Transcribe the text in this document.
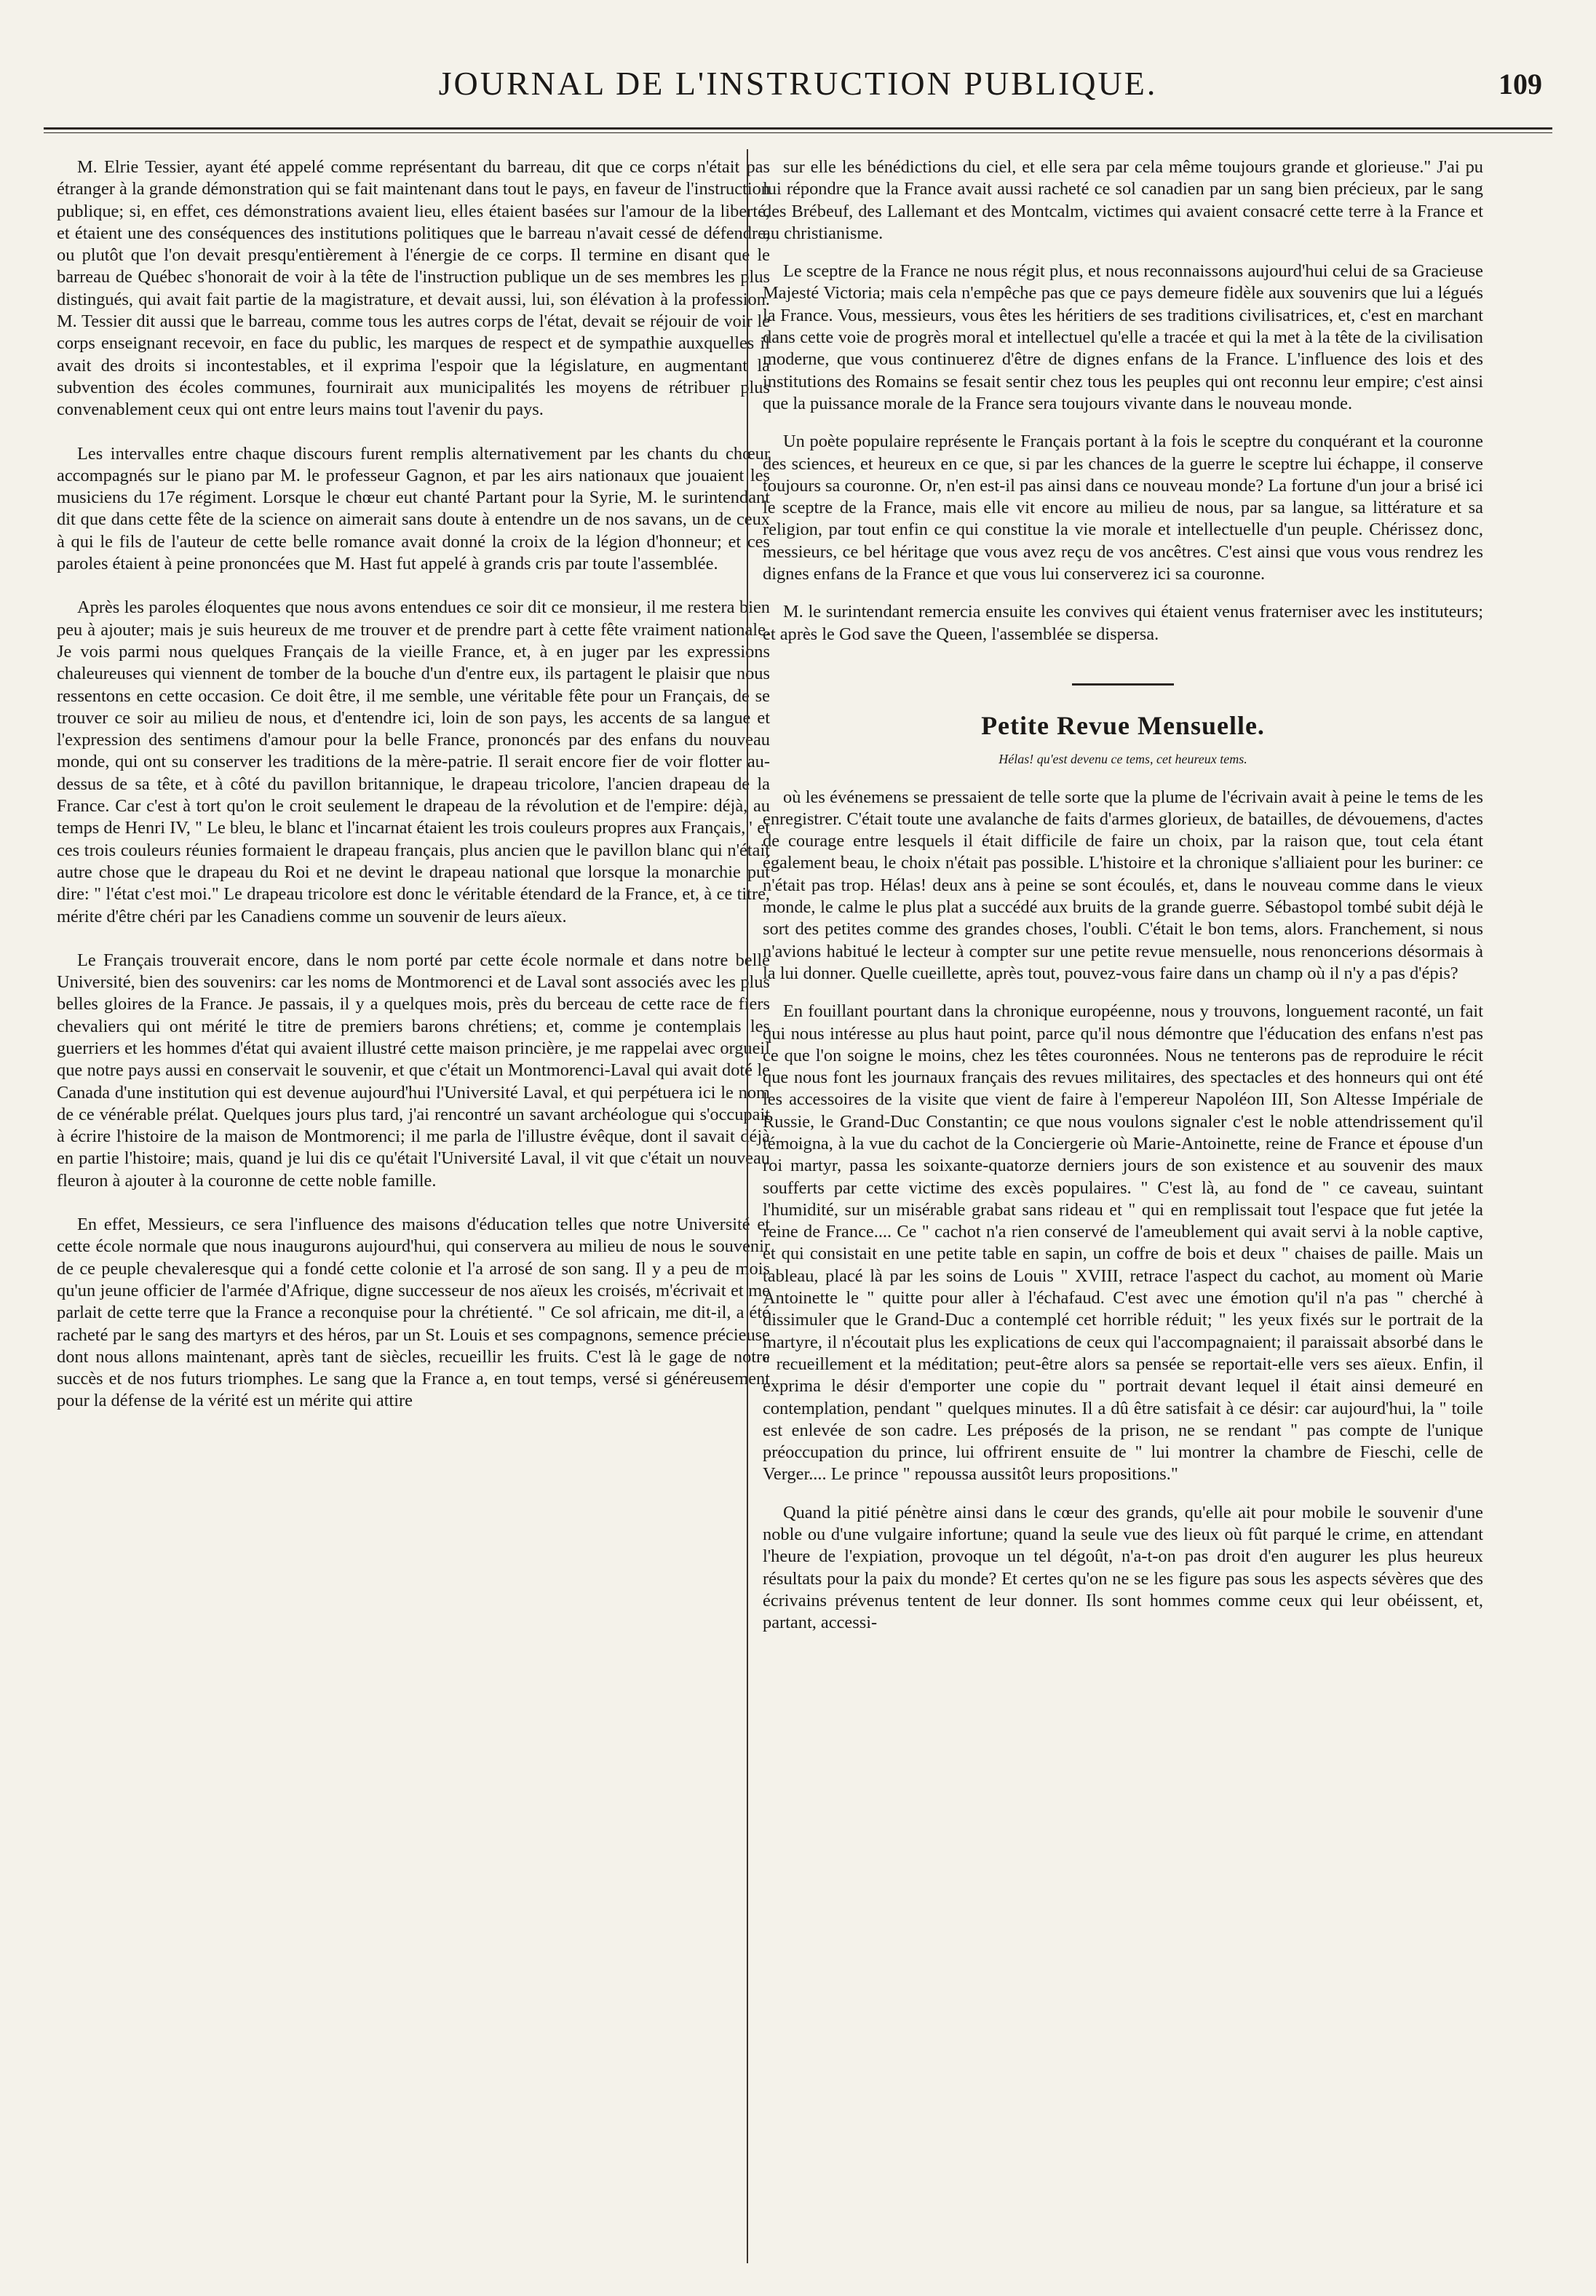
JOURNAL DE L'INSTRUCTION PUBLIQUE.	109

M. Elrie Tessier, ayant été appelé comme représentant du barreau, dit que ce corps n'était pas étranger à la grande démonstration qui se fait maintenant dans tout le pays, en faveur de l'instruction publique; si, en effet, ces démonstrations avaient lieu, elles étaient basées sur l'amour de la liberté, et étaient une des conséquences des institutions politiques que le barreau n'avait cessé de défendre, ou plutôt que l'on devait presqu'entièrement à l'énergie de ce corps. Il termine en disant que le barreau de Québec s'honorait de voir à la tête de l'instruction publique un de ses membres les plus distingués, qui avait fait partie de la magistrature, et devait aussi, lui, son élévation à la profession. M. Tessier dit aussi que le barreau, comme tous les autres corps de l'état, devait se réjouir de voir le corps enseignant recevoir, en face du public, les marques de respect et de sympathie auxquelles il avait des droits si incontestables, et il exprima l'espoir que la législature, en augmentant la subvention des écoles communes, fournirait aux municipalités les moyens de rétribuer plus convenablement ceux qui ont entre leurs mains tout l'avenir du pays.

Les intervalles entre chaque discours furent remplis alternativement par les chants du chœur accompagnés sur le piano par M. le professeur Gagnon, et par les airs nationaux que jouaient les musiciens du 17e régiment. Lorsque le chœur eut chanté Partant pour la Syrie, M. le surintendant dit que dans cette fête de la science on aimerait sans doute à entendre un de nos savans, un de ceux à qui le fils de l'auteur de cette belle romance avait donné la croix de la légion d'honneur; et ces paroles étaient à peine prononcées que M. Hast fut appelé à grands cris par toute l'assemblée.

Après les paroles éloquentes que nous avons entendues ce soir dit ce monsieur, il me restera bien peu à ajouter; mais je suis heureux de me trouver et de prendre part à cette fête vraiment nationale. Je vois parmi nous quelques Français de la vieille France, et, à en juger par les expressions chaleureuses qui viennent de tomber de la bouche d'un d'entre eux, ils partagent le plaisir que nous ressentons en cette occasion. Ce doit être, il me semble, une véritable fête pour un Français, de se trouver ce soir au milieu de nous, et d'entendre ici, loin de son pays, les accents de sa langue et l'expression des sentimens d'amour pour la belle France, prononcés par des enfans du nouveau monde, qui ont su conserver les traditions de la mère-patrie. Il serait encore fier de voir flotter au-dessus de sa tête, et à côté du pavillon britannique, le drapeau tricolore, l'ancien drapeau de la France. Car c'est à tort qu'on le croit seulement le drapeau de la révolution et de l'empire: déjà, au temps de Henri IV, " Le bleu, le blanc et l'incarnat étaient les trois couleurs propres aux Français," et ces trois couleurs réunies formaient le drapeau français, plus ancien que le pavillon blanc qui n'était autre chose que le drapeau du Roi et ne devint le drapeau national que lorsque la monarchie put dire: " l'état c'est moi." Le drapeau tricolore est donc le véritable étendard de la France, et, à ce titre, mérite d'être chéri par les Canadiens comme un souvenir de leurs aïeux.

Le Français trouverait encore, dans le nom porté par cette école normale et dans notre belle Université, bien des souvenirs: car les noms de Montmorenci et de Laval sont associés avec les plus belles gloires de la France. Je passais, il y a quelques mois, près du berceau de cette race de fiers chevaliers qui ont mérité le titre de premiers barons chrétiens; et, comme je contemplais les guerriers et les hommes d'état qui avaient illustré cette maison princière, je me rappelai avec orgueil que notre pays aussi en conservait le souvenir, et que c'était un Montmorenci-Laval qui avait doté le Canada d'une institution qui est devenue aujourd'hui l'Université Laval, et qui perpétuera ici le nom de ce vénérable prélat. Quelques jours plus tard, j'ai rencontré un savant archéologue qui s'occupait à écrire l'histoire de la maison de Montmorenci; il me parla de l'illustre évêque, dont il savait déjà en partie l'histoire; mais, quand je lui dis ce qu'était l'Université Laval, il vit que c'était un nouveau fleuron à ajouter à la couronne de cette noble famille.

En effet, Messieurs, ce sera l'influence des maisons d'éducation telles que notre Université et cette école normale que nous inaugurons aujourd'hui, qui conservera au milieu de nous le souvenir de ce peuple chevaleresque qui a fondé cette colonie et l'a arrosé de son sang. Il y a peu de mois qu'un jeune officier de l'armée d'Afrique, digne successeur de nos aïeux les croisés, m'écrivait et me parlait de cette terre que la France a reconquise pour la chrétienté. " Ce sol africain, me dit-il, a été racheté par le sang des martyrs et des héros, par un St. Louis et ses compagnons, semence précieuse dont nous allons maintenant, après tant de siècles, recueillir les fruits. C'est là le gage de notre succès et de nos futurs triomphes. Le sang que la France a, en tout temps, versé si généreusement pour la défense de la vérité est un mérite qui attire

sur elle les bénédictions du ciel, et elle sera par cela même toujours grande et glorieuse." J'ai pu lui répondre que la France avait aussi racheté ce sol canadien par un sang bien précieux, par le sang des Brébeuf, des Lallemant et des Montcalm, victimes qui avaient consacré cette terre à la France et au christianisme.

Le sceptre de la France ne nous régit plus, et nous reconnaissons aujourd'hui celui de sa Gracieuse Majesté Victoria; mais cela n'empêche pas que ce pays demeure fidèle aux souvenirs que lui a légués la France. Vous, messieurs, vous êtes les héritiers de ses traditions civilisatrices, et, c'est en marchant dans cette voie de progrès moral et intellectuel qu'elle a tracée et qui la met à la tête de la civilisation moderne, que vous continuerez d'être de dignes enfans de la France. L'influence des lois et des institutions des Romains se fesait sentir chez tous les peuples qui ont reconnu leur empire; c'est ainsi que la puissance morale de la France sera toujours vivante dans le nouveau monde.

Un poète populaire représente le Français portant à la fois le sceptre du conquérant et la couronne des sciences, et heureux en ce que, si par les chances de la guerre le sceptre lui échappe, il conserve toujours sa couronne. Or, n'en est-il pas ainsi dans ce nouveau monde? La fortune d'un jour a brisé ici le sceptre de la France, mais elle vit encore au milieu de nous, par sa langue, sa littérature et sa religion, par tout enfin ce qui constitue la vie morale et intellectuelle d'un peuple. Chérissez donc, messieurs, ce bel héritage que vous avez reçu de vos ancêtres. C'est ainsi que vous vous rendrez les dignes enfans de la France et que vous lui conserverez ici sa couronne.

M. le surintendant remercia ensuite les convives qui étaient venus fraterniser avec les instituteurs; et après le God save the Queen, l'assemblée se dispersa.

Petite Revue Mensuelle.
Hélas! qu'est devenu ce tems, cet heureux tems.

où les événemens se pressaient de telle sorte que la plume de l'écrivain avait à peine le tems de les enregistrer. C'était toute une avalanche de faits d'armes glorieux, de batailles, de dévouemens, d'actes de courage entre lesquels il était difficile de faire un choix, par la raison que, tout cela étant également beau, le choix n'était pas possible. L'histoire et la chronique s'alliaient pour les buriner: ce n'était pas trop. Hélas! deux ans à peine se sont écoulés, et, dans le nouveau comme dans le vieux monde, le calme le plus plat a succédé aux bruits de la grande guerre. Sébastopol tombé subit déjà le sort des petites comme des grandes choses, l'oubli. C'était le bon tems, alors. Franchement, si nous n'avions habitué le lecteur à compter sur une petite revue mensuelle, nous renoncerions désormais à la lui donner. Quelle cueillette, après tout, pouvez-vous faire dans un champ où il n'y a pas d'épis?

En fouillant pourtant dans la chronique européenne, nous y trouvons, longuement raconté, un fait qui nous intéresse au plus haut point, parce qu'il nous démontre que l'éducation des enfans n'est pas ce que l'on soigne le moins, chez les têtes couronnées. Nous ne tenterons pas de reproduire le récit que nous font les journaux français des revues militaires, des spectacles et des honneurs qui ont été les accessoires de la visite que vient de faire à l'empereur Napoléon III, Son Altesse Impériale de Russie, le Grand-Duc Constantin; ce que nous voulons signaler c'est le noble attendrissement qu'il témoigna, à la vue du cachot de la Conciergerie où Marie-Antoinette, reine de France et épouse d'un roi martyr, passa les soixante-quatorze derniers jours de son existence et au souvenir des maux soufferts par cette victime des excès populaires. " C'est là, au fond de " ce caveau, suintant l'humidité, sur un misérable grabat sans rideau et " qui en remplissait tout l'espace que fut jetée la reine de France.... Ce " cachot n'a rien conservé de l'ameublement qui avait servi à la noble captive, et qui consistait en une petite table en sapin, un coffre de bois et deux " chaises de paille. Mais un tableau, placé là par les soins de Louis " XVIII, retrace l'aspect du cachot, au moment où Marie Antoinette le " quitte pour aller à l'échafaud. C'est avec une émotion qu'il n'a pas " cherché à dissimuler que le Grand-Duc a contemplé cet horrible réduit; " les yeux fixés sur le portrait de la martyre, il n'écoutait plus les explications de ceux qui l'accompagnaient; il paraissait absorbé dans le " recueillement et la méditation; peut-être alors sa pensée se reportait-elle vers ses aïeux. Enfin, il exprima le désir d'emporter une copie du " portrait devant lequel il était ainsi demeuré en contemplation, pendant " quelques minutes. Il a dû être satisfait à ce désir: car aujourd'hui, la " toile est enlevée de son cadre. Les préposés de la prison, ne se rendant " pas compte de l'unique préoccupation du prince, lui offrirent ensuite de " lui montrer la chambre de Fieschi, celle de Verger.... Le prince " repoussa aussitôt leurs propositions."

Quand la pitié pénètre ainsi dans le cœur des grands, qu'elle ait pour mobile le souvenir d'une noble ou d'une vulgaire infortune; quand la seule vue des lieux où fût parqué le crime, en attendant l'heure de l'expiation, provoque un tel dégoût, n'a-t-on pas droit d'en augurer les plus heureux résultats pour la paix du monde? Et certes qu'on ne se les figure pas sous les aspects sévères que des écrivains prévenus tentent de leur donner. Ils sont hommes comme ceux qui leur obéissent, et, partant, accessi-
